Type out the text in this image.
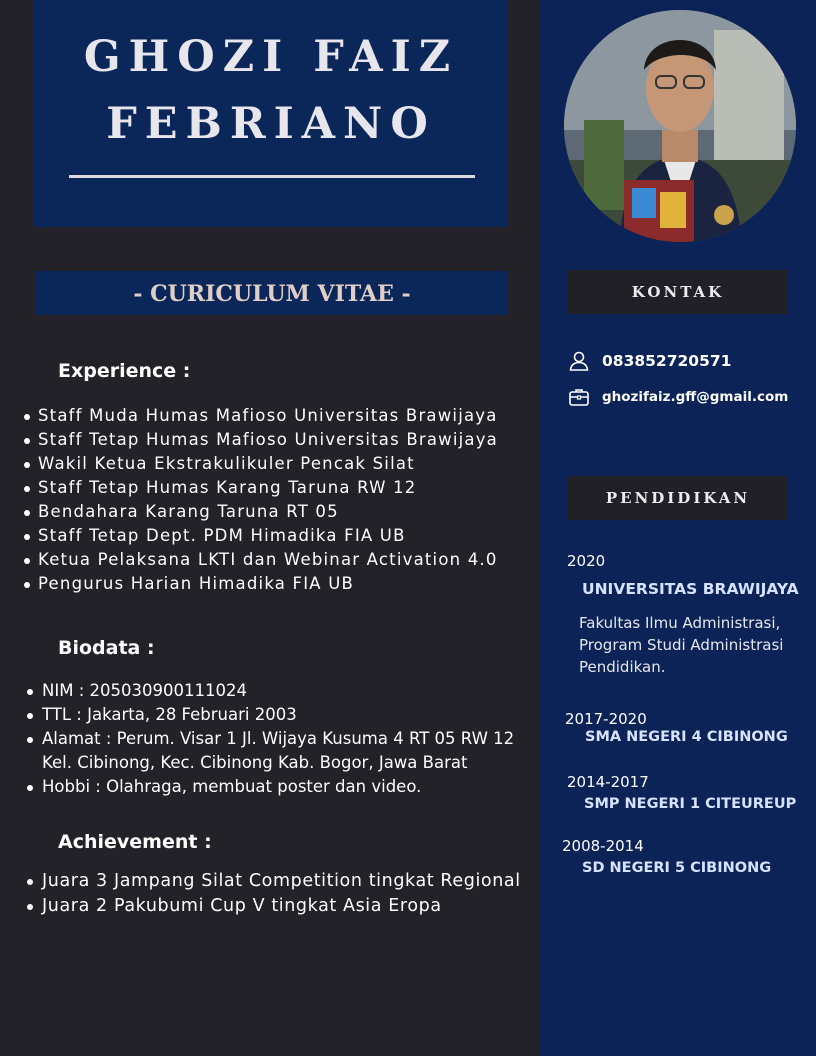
GHOZI FAIZ
FEBRIANO
- CURICULUM VITAE -
Experience :
Staff Muda Humas Mafioso Universitas Brawijaya
Staff Tetap Humas Mafioso Universitas Brawijaya
Wakil Ketua Ekstrakulikuler Pencak Silat
Staff Tetap Humas Karang Taruna RW 12
Bendahara Karang Taruna RT 05
Staff Tetap Dept. PDM Himadika FIA UB
Ketua Pelaksana LKTI dan Webinar Activation 4.0
Pengurus Harian Himadika FIA UB
Biodata :
NIM : 205030900111024
TTL : Jakarta, 28 Februari 2003
Alamat : Perum. Visar 1 Jl. Wijaya Kusuma 4 RT 05 RW 12 Kel. Cibinong, Kec. Cibinong Kab. Bogor, Jawa Barat
Hobbi : Olahraga, membuat poster dan video.
Achievement :
Juara 3 Jampang Silat Competition tingkat Regional
Juara 2 Pakubumi Cup V tingkat Asia Eropa
KONTAK
083852720571
ghozifaiz.gff@gmail.com
PENDIDIKAN
2020
UNIVERSITAS BRAWIJAYA
Fakultas Ilmu Administrasi, Program Studi Administrasi Pendidikan.
2017-2020
SMA NEGERI 4 CIBINONG
2014-2017
SMP NEGERI 1 CITEUREUP
2008-2014
SD NEGERI 5 CIBINONG
